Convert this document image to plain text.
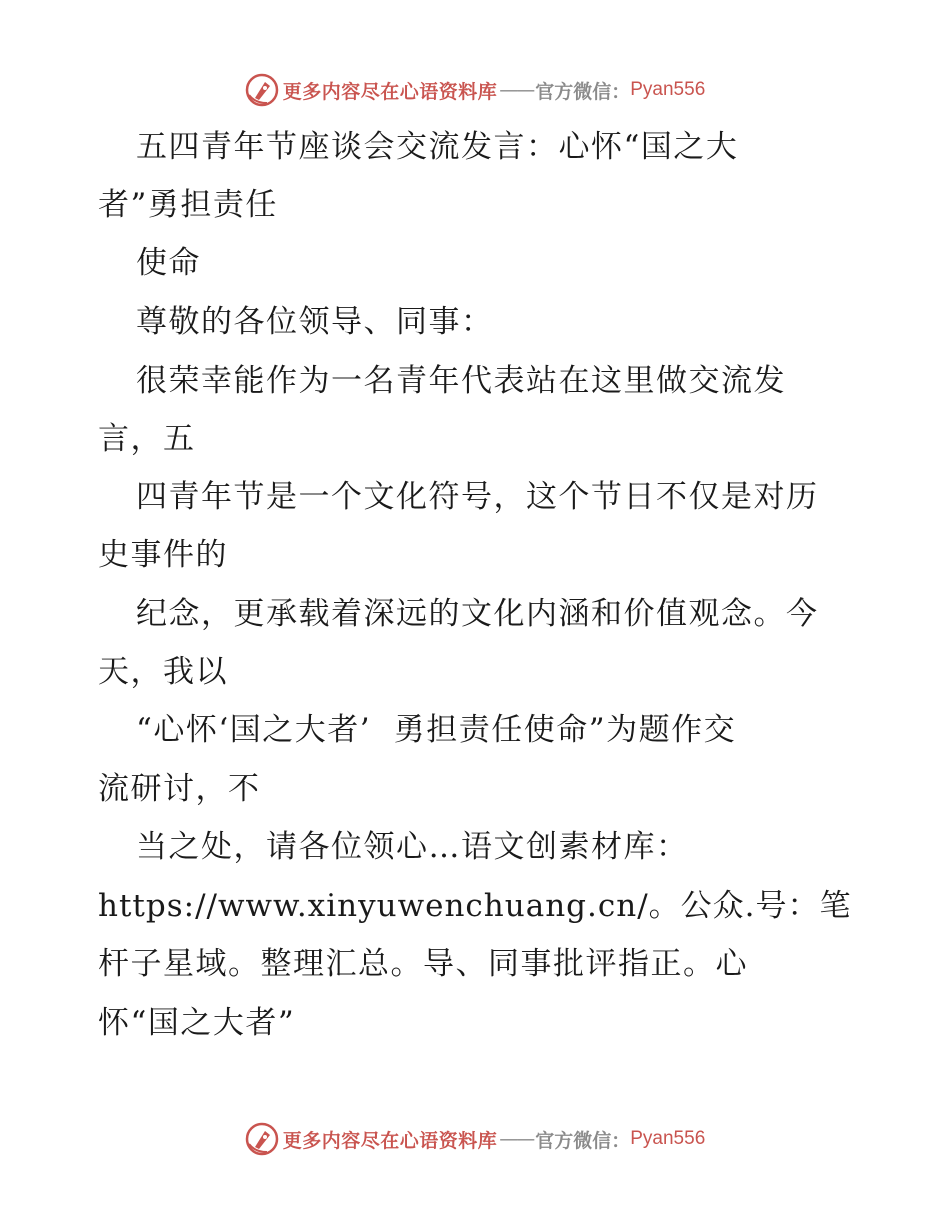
更多内容尽在心语资料库 —— 官方微信： Pyan556
五四青年节座谈会交流发言：心怀“国之大
者”勇担责任
使命
尊敬的各位领导、同事：
很荣幸能作为一名青年代表站在这里做交流发
言，五
四青年节是一个文化符号，这个节日不仅是对历
史事件的
纪念，更承载着深远的文化内涵和价值观念。今
天，我以
“心怀‘国之大者’  勇担责任使命”为题作交
流研讨，不
当之处，请各位领心…语文创素材库：
https://www.xinyuwenchuang.cn/。公众.号：笔
杆子星域。整理汇总。导、同事批评指正。心
怀“国之大者”
更多内容尽在心语资料库 —— 官方微信： Pyan556
